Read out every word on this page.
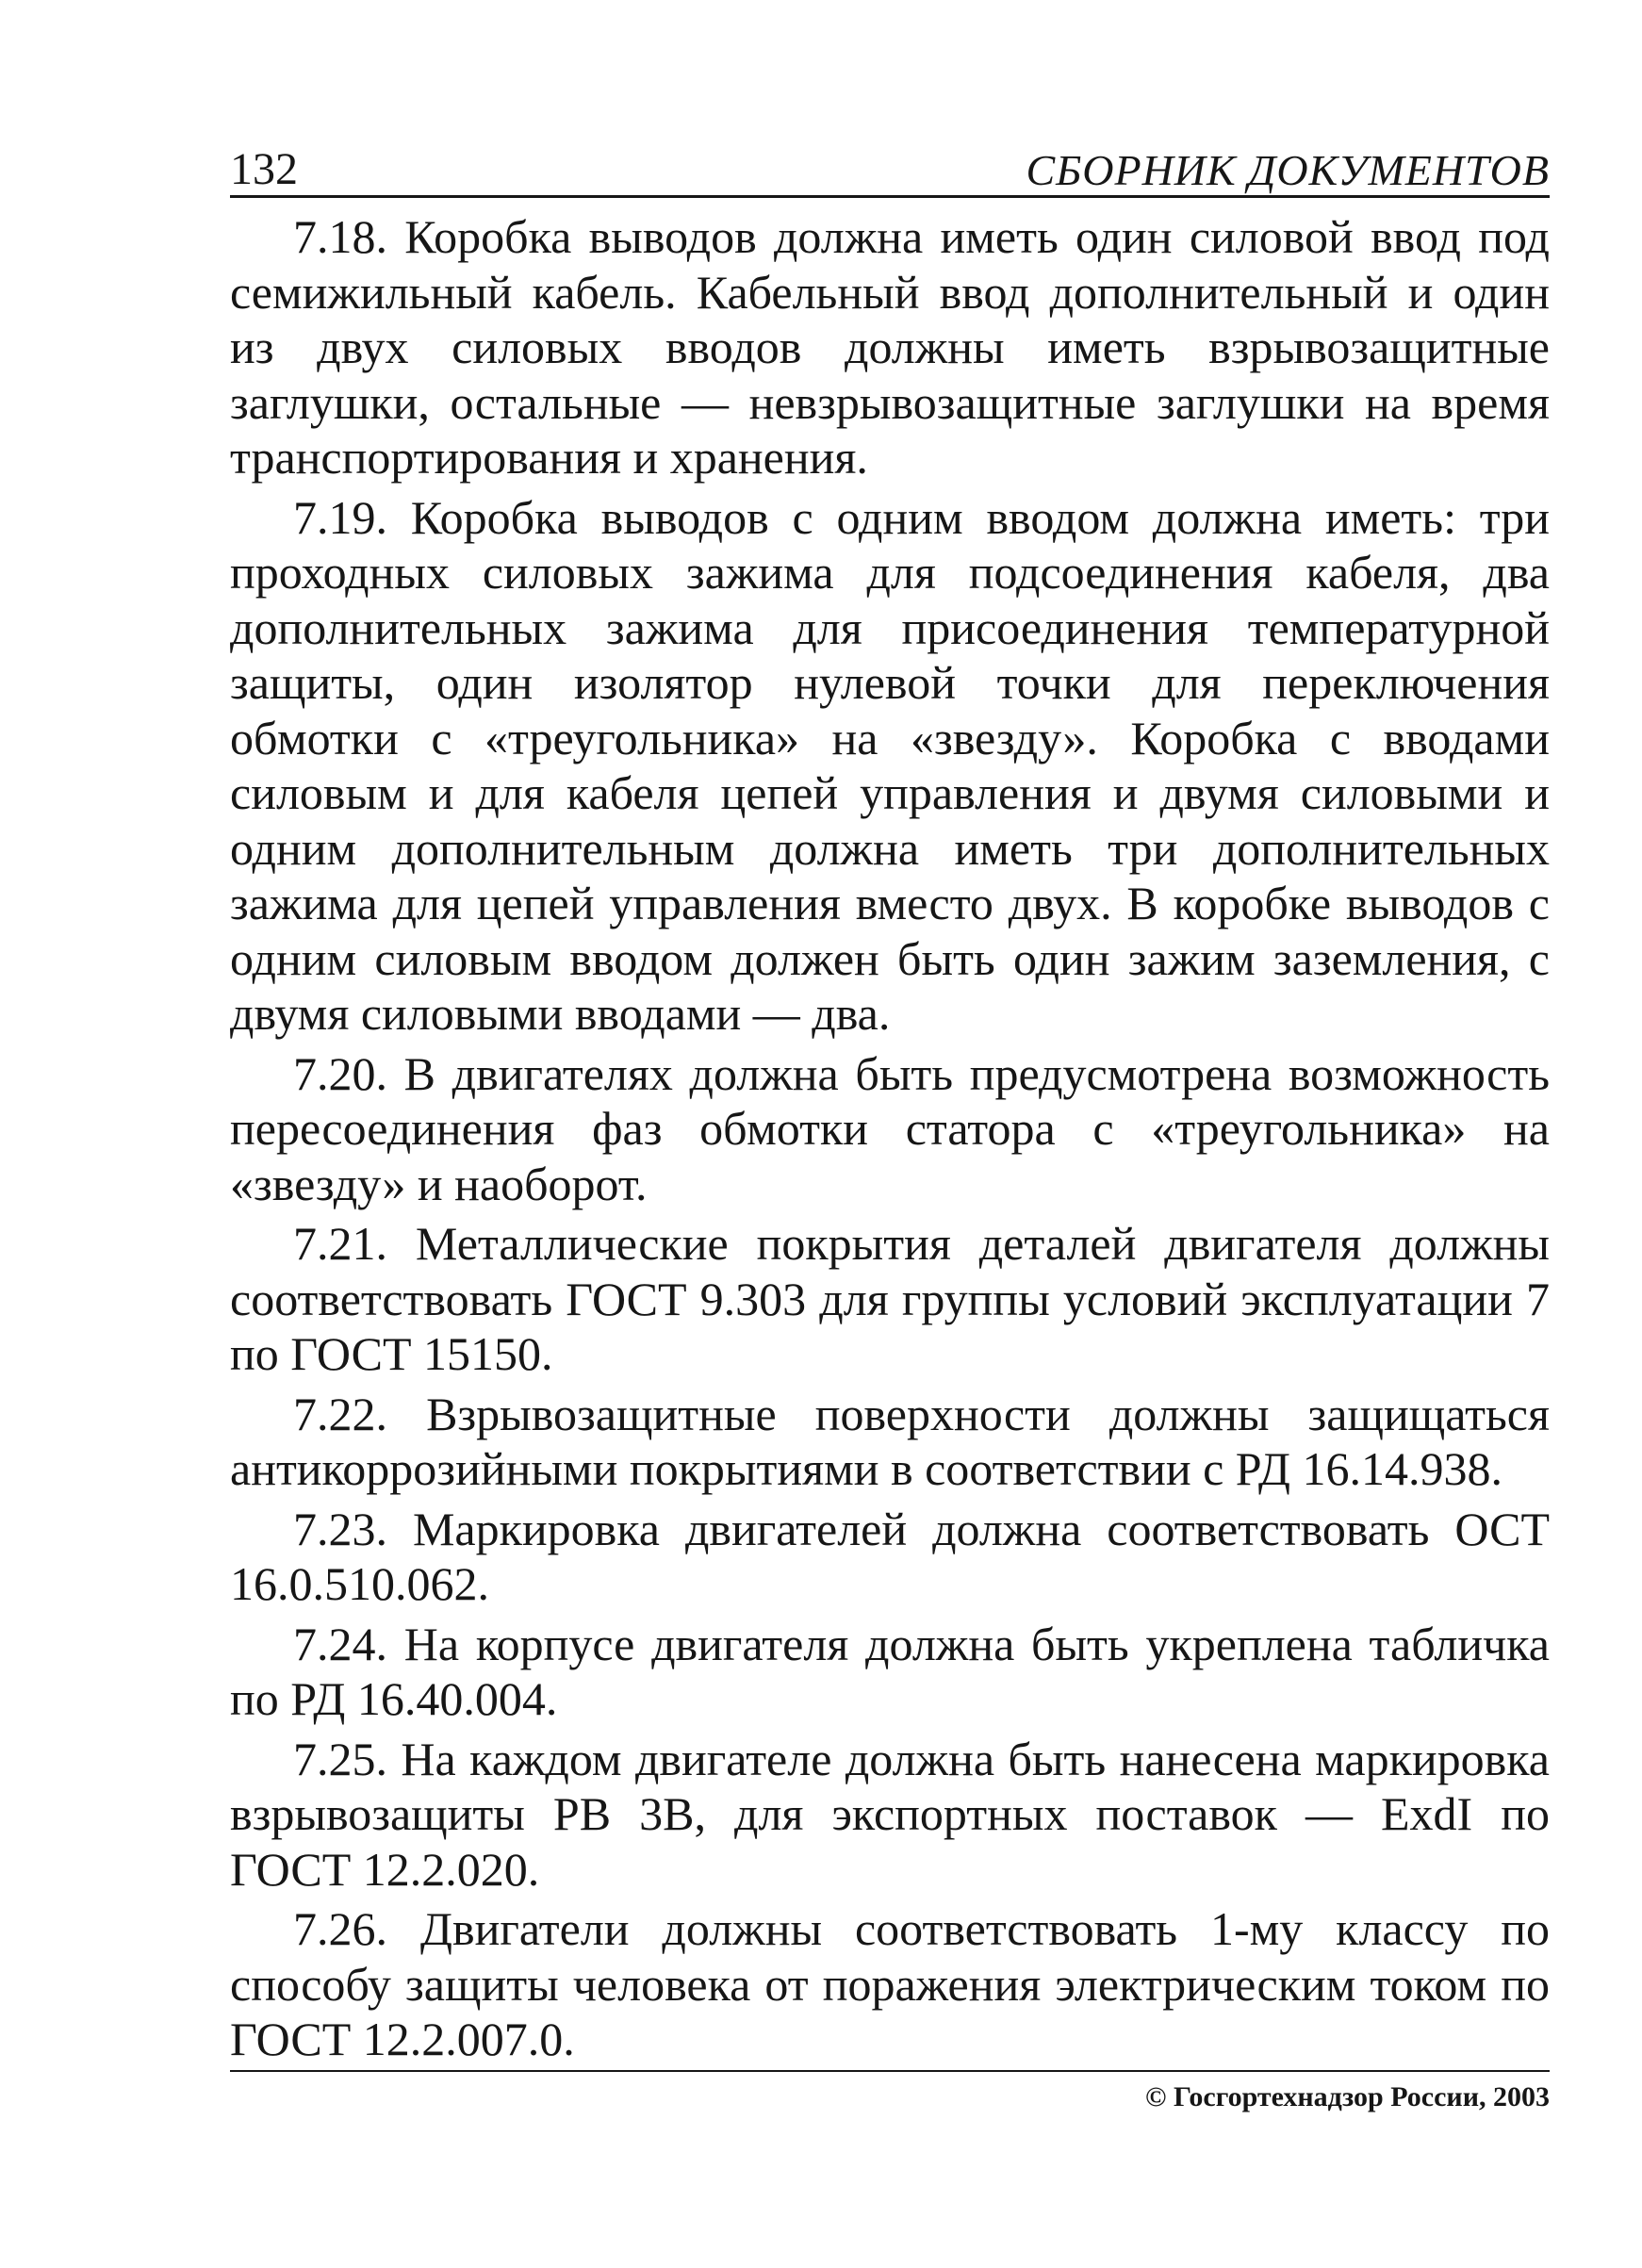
132	СБОРНИК ДОКУМЕНТОВ

7.18. Коробка выводов должна иметь один силовой ввод под семижильный кабель. Кабельный ввод дополнительный и один из двух силовых вводов должны иметь взрывозащитные заглушки, остальные — невзрывозащитные заглушки на время транспортирования и хранения.

7.19. Коробка выводов с одним вводом должна иметь: три проходных силовых зажима для подсоединения кабеля, два дополнительных зажима для присоединения температурной защиты, один изолятор нулевой точки для переключения обмотки с «треугольника» на «звезду». Коробка с вводами силовым и для кабеля цепей управления и двумя силовыми и одним дополнительным должна иметь три дополнительных зажима для цепей управления вместо двух. В коробке выводов с одним силовым вводом должен быть один зажим заземления, с двумя силовыми вводами — два.

7.20. В двигателях должна быть предусмотрена возможность пересоединения фаз обмотки статора с «треугольника» на «звезду» и наоборот.

7.21. Металлические покрытия деталей двигателя должны соответствовать ГОСТ 9.303 для группы условий эксплуатации 7 по ГОСТ 15150.

7.22. Взрывозащитные поверхности должны защищаться антикоррозийными покрытиями в соответствии с РД 16.14.938.

7.23. Маркировка двигателей должна соответствовать ОСТ 16.0.510.062.

7.24. На корпусе двигателя должна быть укреплена табличка по РД 16.40.004.

7.25. На каждом двигателе должна быть нанесена маркировка взрывозащиты РВ 3В, для экспортных поставок — ExdI по ГОСТ 12.2.020.

7.26. Двигатели должны соответствовать 1-му классу по способу защиты человека от поражения электрическим током по ГОСТ 12.2.007.0.

© Госгортехнадзор России, 2003
